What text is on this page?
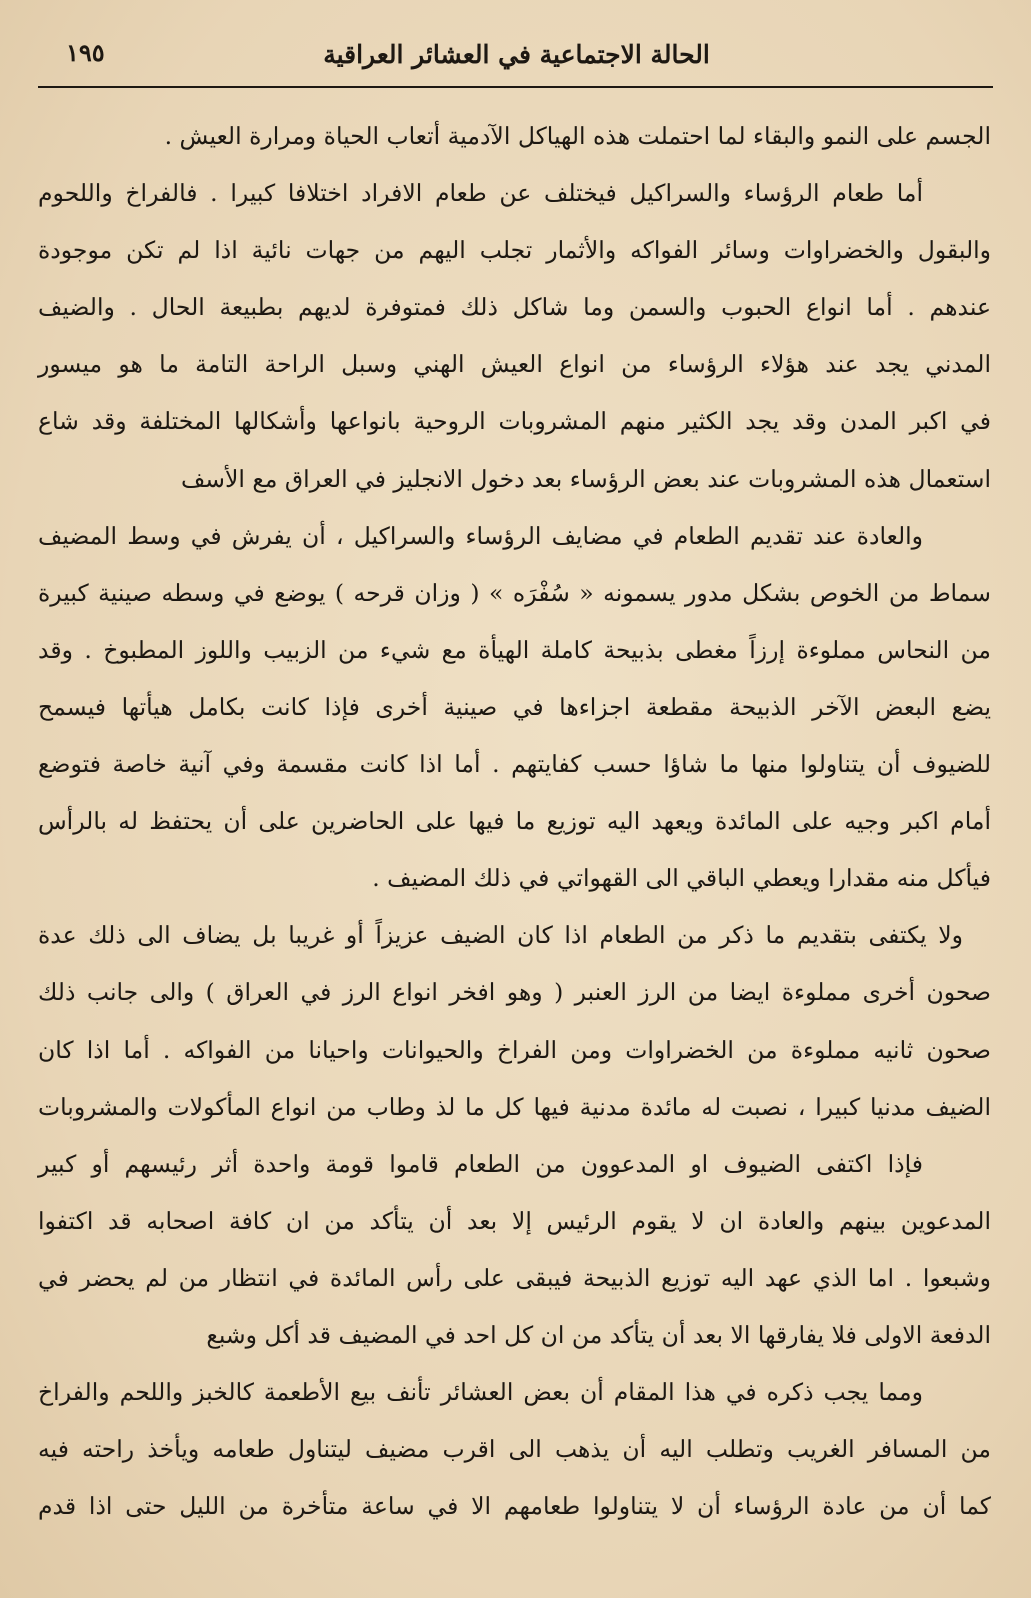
الحالة الاجتماعية في العشائر العراقية
١٩٥
الجسم على النمو والبقاء لما احتملت هذه الهياكل الآدمية أتعاب الحياة ومرارة العيش .
أما طعام الرؤساء والسراكيل فيختلف عن طعام الافراد اختلافا كبيرا . فالفراخ واللحوم
والبقول والخضراوات وسائر الفواكه والأثمار تجلب اليهم من جهات نائية اذا لم تكن موجودة
عندهم . أما انواع الحبوب والسمن وما شاكل ذلك فمتوفرة لديهم بطبيعة الحال . والضيف
المدني يجد عند هؤلاء الرؤساء من انواع العيش الهني وسبل الراحة التامة ما هو ميسور
في اكبر المدن وقد يجد الكثير منهم المشروبات الروحية بانواعها وأشكالها المختلفة وقد شاع
استعمال هذه المشروبات عند بعض الرؤساء بعد دخول الانجليز في العراق مع الأسف
والعادة عند تقديم الطعام في مضايف الرؤساء والسراكيل ، أن يفرش في وسط المضيف
سماط من الخوص بشكل مدور يسمونه « سُفْرَه » ( وزان قرحه ) يوضع في وسطه صينية كبيرة
من النحاس مملوءة إرزاً مغطى بذبيحة كاملة الهيأة مع شيء من الزبيب واللوز المطبوخ . وقد
يضع البعض الآخر الذبيحة مقطعة اجزاءها في صينية أخرى فإذا كانت بكامل هيأتها فيسمح
للضيوف أن يتناولوا منها ما شاؤا حسب كفايتهم . أما اذا كانت مقسمة وفي آنية خاصة فتوضع
أمام اكبر وجيه على المائدة ويعهد اليه توزيع ما فيها على الحاضرين على أن يحتفظ له بالرأس
فيأكل منه مقدارا ويعطي الباقي الى القهواتي في ذلك المضيف .
ولا يكتفى بتقديم ما ذكر من الطعام اذا كان الضيف عزيزاً أو غريبا بل يضاف الى ذلك عدة
صحون أخرى مملوءة ايضا من الرز العنبر ( وهو افخر انواع الرز في العراق ) والى جانب ذلك
صحون ثانيه مملوءة من الخضراوات ومن الفراخ والحيوانات واحيانا من الفواكه . أما اذا كان
الضيف مدنيا كبيرا ، نصبت له مائدة مدنية فيها كل ما لذ وطاب من انواع المأكولات والمشروبات
فإذا اكتفى الضيوف او المدعوون من الطعام قاموا قومة واحدة أثر رئيسهم أو كبير
المدعوين بينهم والعادة ان لا يقوم الرئيس إلا بعد أن يتأكد من ان كافة اصحابه قد اكتفوا
وشبعوا . اما الذي عهد اليه توزيع الذبيحة فيبقى على رأس المائدة في انتظار من لم يحضر في
الدفعة الاولى فلا يفارقها الا بعد أن يتأكد من ان كل احد في المضيف قد أكل وشبع
ومما يجب ذكره في هذا المقام أن بعض العشائر تأنف بيع الأطعمة كالخبز واللحم والفراخ
من المسافر الغريب وتطلب اليه أن يذهب الى اقرب مضيف ليتناول طعامه ويأخذ راحته فيه
كما أن من عادة الرؤساء أن لا يتناولوا طعامهم الا في ساعة متأخرة من الليل حتى اذا قدم
